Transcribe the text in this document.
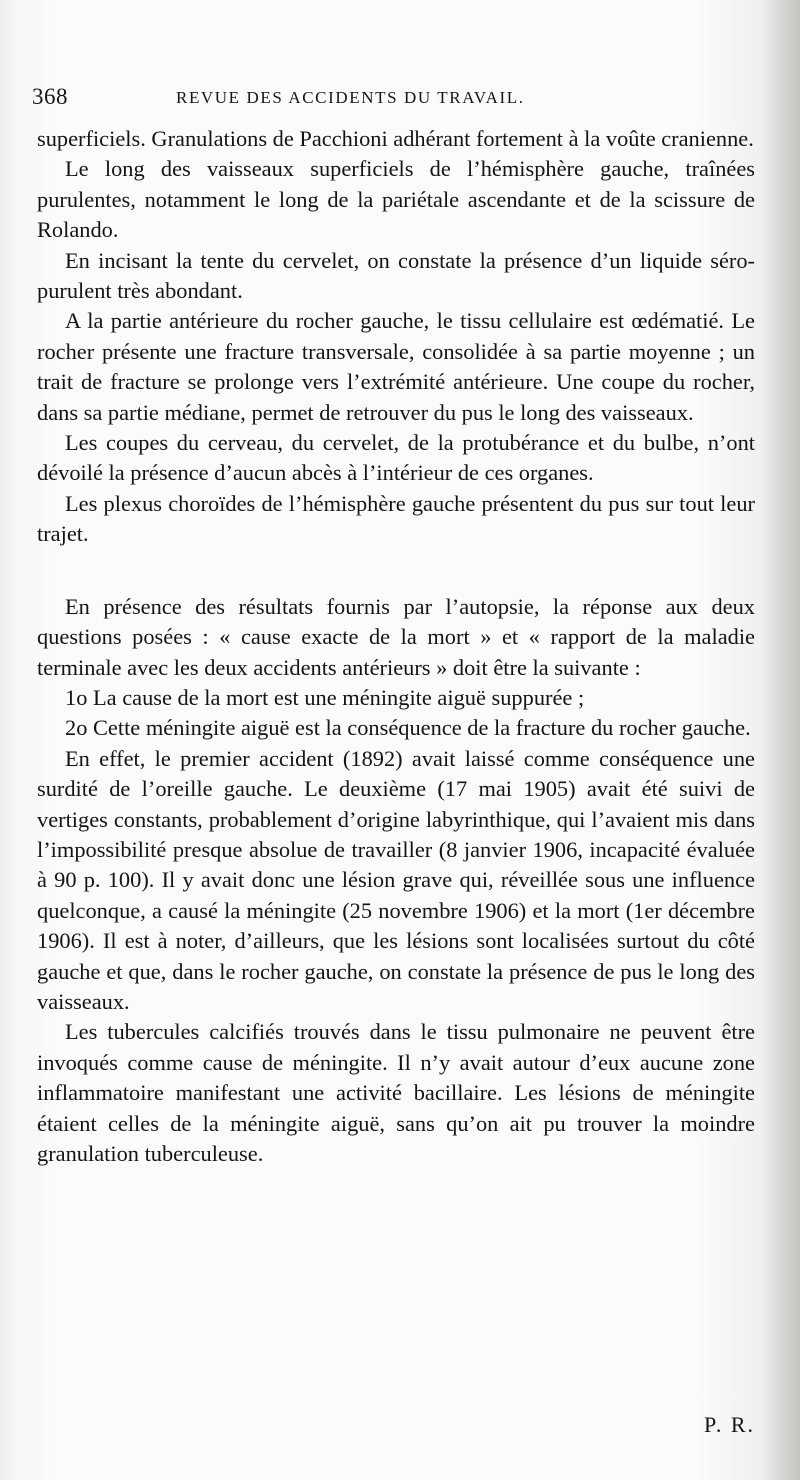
368	REVUE DES ACCIDENTS DU TRAVAIL.

superficiels. Granulations de Pacchioni adhérant fortement à la voûte cranienne.

Le long des vaisseaux superficiels de l’hémisphère gauche, traînées purulentes, notamment le long de la pariétale ascendante et de la scissure de Rolando.

En incisant la tente du cervelet, on constate la présence d’un liquide séro-purulent très abondant.

A la partie antérieure du rocher gauche, le tissu cellulaire est œdématié. Le rocher présente une fracture transversale, consolidée à sa partie moyenne ; un trait de fracture se prolonge vers l’extrémité antérieure. Une coupe du rocher, dans sa partie médiane, permet de retrouver du pus le long des vaisseaux.

Les coupes du cerveau, du cervelet, de la protubérance et du bulbe, n’ont dévoilé la présence d’aucun abcès à l’intérieur de ces organes.

Les plexus choroïdes de l’hémisphère gauche présentent du pus sur tout leur trajet.

En présence des résultats fournis par l’autopsie, la réponse aux deux questions posées : « cause exacte de la mort » et « rapport de la maladie terminale avec les deux accidents antérieurs » doit être la suivante :

1o La cause de la mort est une méningite aiguë suppurée ;

2o Cette méningite aiguë est la conséquence de la fracture du rocher gauche.

En effet, le premier accident (1892) avait laissé comme conséquence une surdité de l’oreille gauche. Le deuxième (17 mai 1905) avait été suivi de vertiges constants, probablement d’origine labyrinthique, qui l’avaient mis dans l’impossibilité presque absolue de travailler (8 janvier 1906, incapacité évaluée à 90 p. 100). Il y avait donc une lésion grave qui, réveillée sous une influence quelconque, a causé la méningite (25 novembre 1906) et la mort (1er décembre 1906). Il est à noter, d’ailleurs, que les lésions sont localisées surtout du côté gauche et que, dans le rocher gauche, on constate la présence de pus le long des vaisseaux.

Les tubercules calcifiés trouvés dans le tissu pulmonaire ne peuvent être invoqués comme cause de méningite. Il n’y avait autour d’eux aucune zone inflammatoire manifestant une activité bacillaire. Les lésions de méningite étaient celles de la méningite aiguë, sans qu’on ait pu trouver la moindre granulation tuberculeuse.

P. R.
